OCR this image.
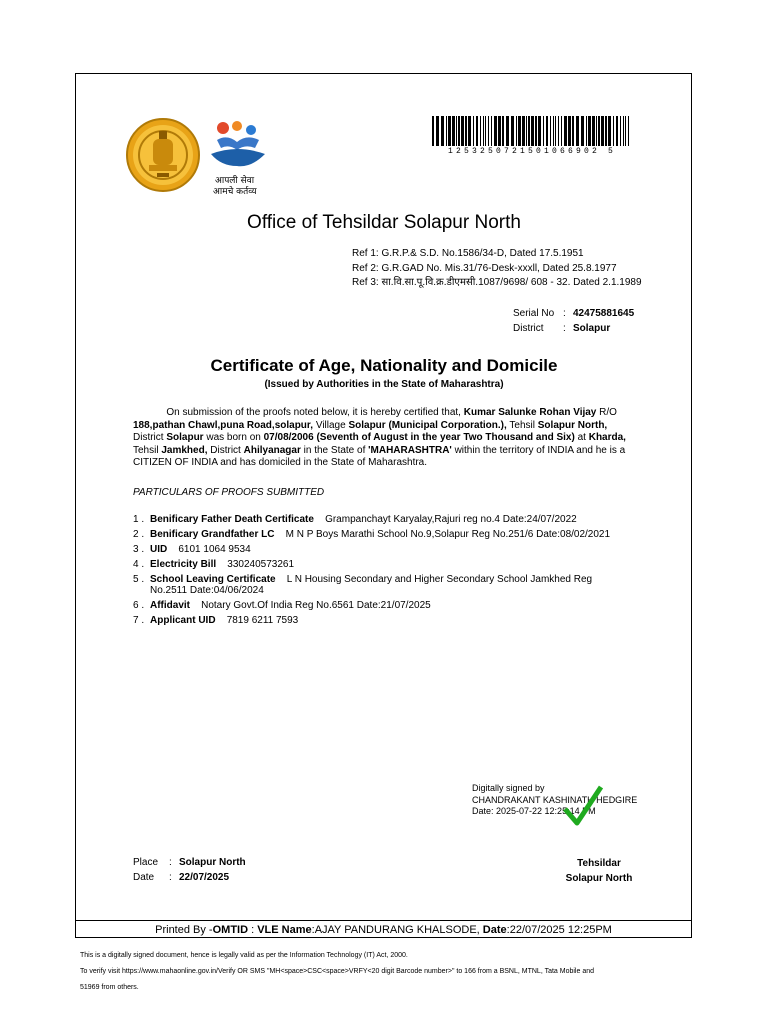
आपली सेवा
आमचे कर्तव्य
1253250721501066902 5
Office of Tehsildar Solapur North
Ref 1: G.R.P.& S.D. No.1586/34-D, Dated 17.5.1951
Ref 2: G.R.GAD No. Mis.31/76-Desk-xxxll, Dated 25.8.1977
Ref 3: सा.वि.सा.पू.वि.क्र.डीएमसी.1087/9698/ 608 - 32. Dated 2.1.1989
Serial No : 42475881645
District : Solapur
Certificate of Age, Nationality and Domicile
(Issued by Authorities in the State of Maharashtra)

On submission of the proofs noted below, it is hereby certified that, Kumar Salunke Rohan Vijay R/O 188,pathan Chawl,puna Road,solapur, Village Solapur (Municipal Corporation.), Tehsil Solapur North,
District Solapur was born on 07/08/2006 (Seventh of August in the year Two Thousand and Six) at Kharda, Tehsil Jamkhed, District Ahilyanagar in the State of 'MAHARASHTRA' within the territory of INDIA and he is a CITIZEN OF INDIA and has domiciled in the State of Maharashtra.

PARTICULARS OF PROOFS SUBMITTED
1 . Benificary Father Death Certificate Grampanchayt Karyalay,Rajuri reg no.4 Date:24/07/2022
2 . Benificary Grandfather LC M N P Boys Marathi School No.9,Solapur Reg No.251/6 Date:08/02/2021
3 . UID 6101 1064 9534
4 . Electricity Bill 330240573261
5 . School Leaving Certificate L N Housing Secondary and Higher Secondary School Jamkhed Reg No.2511 Date:04/06/2024
6 . Affidavit Notary Govt.Of India Reg No.6561 Date:21/07/2025
7 . Applicant UID 7819 6211 7593
Digitally signed by
CHANDRAKANT KASHINATH HEDGIRE
Date: 2025-07-22 12:25:14 PM
Place : Solapur North
Date : 22/07/2025
Tehsildar
Solapur North
Printed By -OMTID : VLE Name:AJAY PANDURANG KHALSODE, Date:22/07/2025 12:25PM
This is a digitally signed document, hence is legally valid as per the Information Technology (IT) Act, 2000.
To verify visit https://www.mahaonline.gov.in/Verify OR SMS "MH<space>CSC<space>VRFY<20 digit Barcode number>" to 166 from a BSNL, MTNL, Tata Mobile and
51969 from others.
